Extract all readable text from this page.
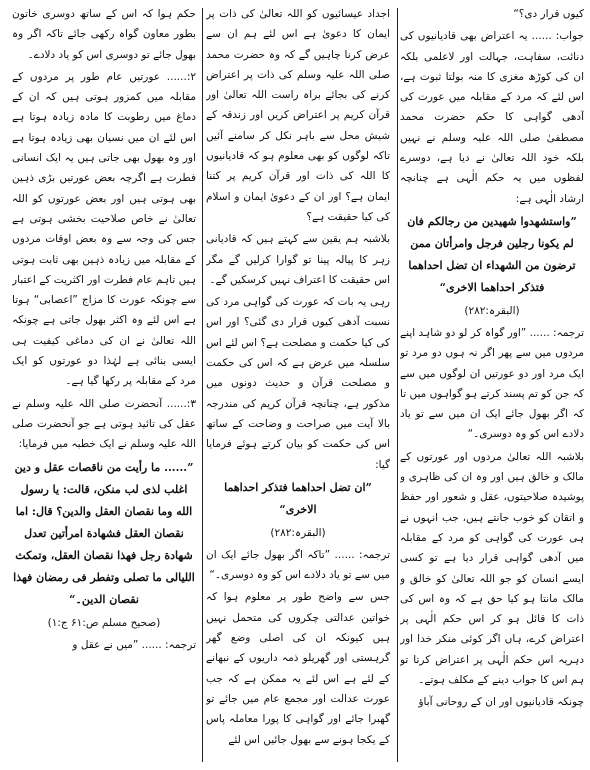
کیوں قرار دی؟“

جواب: ...... یہ اعتراض بھی قادیانیوں کی دنائت، سفاہت، جہالت اور لاعلمی بلکہ ان کی کوڑھ مغزی کا منہ بولتا ثبوت ہے، اس لئے کہ مرد کے مقابلہ میں عورت کی آدھی گواہی کا حکم حضرت محمد مصطفیٰ صلی اللہ علیہ وسلم نے نہیں بلکہ خود اللہ تعالیٰ نے دیا ہے، دوسرے لفظوں میں یہ حکم الٰہی ہے چنانچہ ارشاد الٰہی ہے:

”واستشهدوا شهيدين من رجالكم فان لم يكونا رجلين فرجل وامرأتان ممن ترضون من الشهداء ان تضل احداهما فتذكر احداهما الاخرى“

(البقرہ:۲۸۲)

ترجمہ: ...... ”اور گواہ کر لو دو شاہد اپنے مردوں میں سے پھر اگر نہ ہوں دو مرد تو ایک مرد اور دو عورتیں ان لوگوں میں سے کہ جن کو تم پسند کرتے ہو گواہوں میں تا کہ اگر بھول جائے ایک ان میں سے تو یاد دلادے اس کو وہ دوسری۔“

بلاشبہ اللہ تعالیٰ مردوں اور عورتوں کے مالک و خالق ہیں اور وہ ان کی ظاہری و پوشیدہ صلاحیتوں، عقل و شعور اور حفظ و اتقان کو خوب جانتے ہیں، جب انہوں نے ہی عورت کی گواہی کو مرد کے مقابلہ میں آدھی گواہی قرار دیا ہے تو کسی ایسے انسان کو جو اللہ تعالیٰ کو خالق و مالک مانتا ہو کیا حق ہے کہ وہ اس کی ذات کا قائل ہو کر اس حکم الٰہی پر اعتراض کرے، ہاں اگر کوئی منکر خدا اور دہریہ اس حکم الٰہی پر اعتراض کرتا تو ہم اس کا جواب دینے کے مکلف ہوتے۔

چونکہ قادیانیوں اور ان کے روحانی آباؤ

اجداد عیسائیوں کو اللہ تعالیٰ کی ذات پر ایمان کا دعویٰ ہے اس لئے ہم ان سے عرض کرنا چاہیں گے کہ وہ حضرت محمد صلی اللہ علیہ وسلم کی ذات پر اعتراض کرنے کی بجائے براہ راست اللہ تعالیٰ اور قرآن کریم پر اعتراض کریں اور زندقہ کے شیش محل سے باہر نکل کر سامنے آئیں تاکہ لوگوں کو بھی معلوم ہو کہ قادیانیوں کا اللہ کی ذات اور قرآن کریم پر کتنا ایمان ہے؟ اور ان کے دعویٰ ایمان و اسلام کی کیا حقیقت ہے؟

بلاشبہ ہم یقین سے کہتے ہیں کہ قادیانی زہر کا پیالہ پینا تو گوارا کرلیں گے مگر اس حقیقت کا اعتراف نہیں کرسکیں گے۔

رہی یہ بات کہ عورت کی گواہی مرد کی نسبت آدھی کیوں قرار دی گئی؟ اور اس کی کیا حکمت و مصلحت ہے؟ اس لئے اس سلسلہ میں عرض ہے کہ اس کی حکمت و مصلحت قرآن و حدیث دونوں میں مذکور ہے، چنانچہ قرآن کریم کی مندرجہ بالا آیت میں صراحت و وضاحت کے ساتھ اس کی حکمت کو بیان کرتے ہوئے فرمایا گیا:

”ان تضل احداهما فتذكر احداهما الاخرى“

(البقرہ:۲۸۲)

ترجمہ: ...... ”تاکہ اگر بھول جائے ایک ان میں سے تو یاد دلادے اس کو وہ دوسری۔“

جس سے واضح طور پر معلوم ہوا کہ خواتین عدالتی چکروں کی متحمل نہیں ہیں کیونکہ ان کی اصلی وضع گھر گرہستی اور گھریلو ذمہ داریوں کے نبھانے کے لئے ہے اس لئے یہ ممکن ہے کہ جب عورت عدالت اور مجمع عام میں جائے تو گھبرا جائے اور گواہی کا پورا معاملہ پاس کے یکجا ہونے سے بھول جائیں اس لئے

حکم ہوا کہ اس کے ساتھ دوسری خاتون بطور معاون گواہ رکھی جائے تاکہ اگر وہ بھول جائے تو دوسری اس کو یاد دلادے۔

۲:...... عورتیں عام طور پر مردوں کے مقابلہ میں کمزور ہوتی ہیں کہ ان کے دماغ میں رطوبت کا مادہ زیادہ ہوتا ہے اس لئے ان میں نسیان بھی زیادہ ہوتا ہے اور وہ بھول بھی جاتی ہیں یہ ایک انسانی فطرت ہے اگرچہ بعض عورتیں بڑی ذہین بھی ہوتی ہیں اور بعض عورتوں کو اللہ تعالیٰ نے خاص صلاحیت بخشی ہوتی ہے جس کی وجہ سے وہ بعض اوقات مردوں کے مقابلہ میں زیادہ ذہین بھی ثابت ہوتی ہیں تاہم عام فطرت اور اکثریت کے اعتبار سے چونکہ عورت کا مزاج ”اعصابی“ ہوتا ہے اس لئے وہ اکثر بھول جاتی ہے چونکہ اللہ تعالیٰ نے ان کی دماغی کیفیت ہی ایسی بنائی ہے لہٰذا دو عورتوں کو ایک مرد کے مقابلہ پر رکھا گیا ہے۔

۳:...... آنحضرت صلی اللہ علیہ وسلم نے عقل کی تائید ہوتی ہے جو آنحضرت صلی اللہ علیہ وسلم نے ایک خطبہ میں فرمایا:

”...... ما رأيت من ناقصات عقل و دين اغلب لذى لب منكن، قالت: يا رسول الله وما نقصان العقل والدين؟ قال: اما نقصان العقل فشهادة امرأتين تعدل شهادة رجل فهذا نقصان العقل، وتمكث الليالى ما تصلى وتفطر فى رمضان فهذا نقصان الدين۔“

(صحیح مسلم ص:۶۱ ج:۱)

ترجمہ: ...... ”میں نے عقل و
